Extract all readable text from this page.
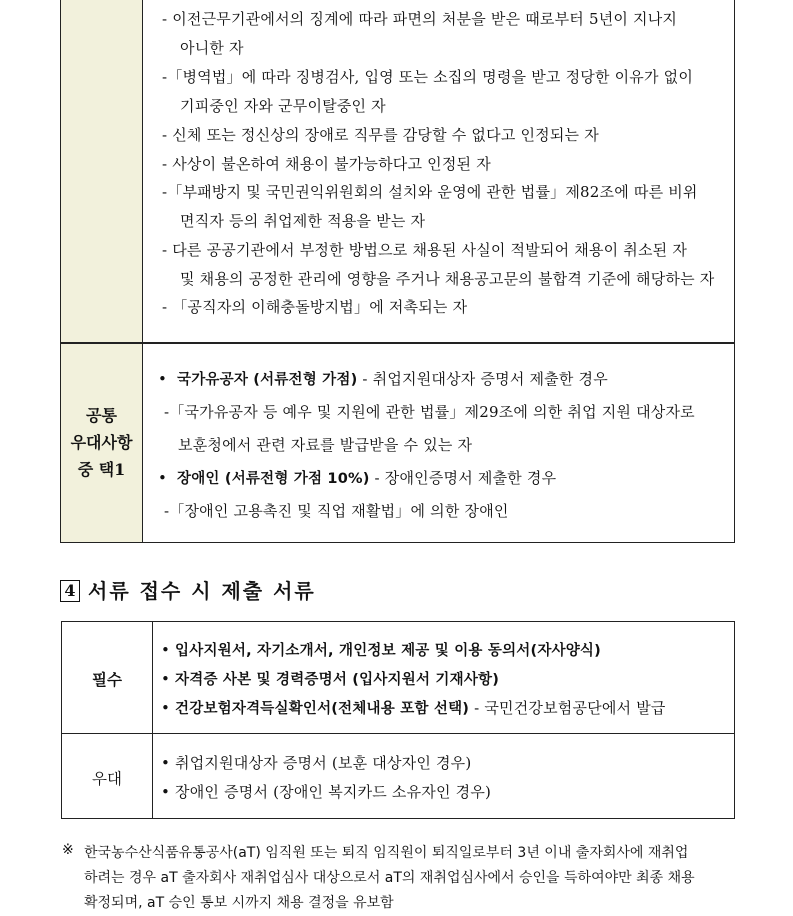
- 이전근무기관에서의 징계에 따라 파면의 처분을 받은 때로부터 5년이 지나지
아니한 자
-「병역법」에 따라 징병검사, 입영 또는 소집의 명령을 받고 정당한 이유가 없이
기피중인 자와 군무이탈중인 자
- 신체 또는 정신상의 장애로 직무를 감당할 수 없다고 인정되는 자
- 사상이 불온하여 채용이 불가능하다고 인정된 자
-「부패방지 및 국민권익위원회의 설치와 운영에 관한 법률」제82조에 따른 비위
면직자 등의 취업제한 적용을 받는 자
- 다른 공공기관에서 부정한 방법으로 채용된 사실이 적발되어 채용이 취소된 자
및 채용의 공정한 관리에 영향을 주거나 채용공고문의 불합격 기준에 해당하는 자
- 「공직자의 이해충돌방지법」에 저촉되는 자
공통
우대사항
중 택1
• 국가유공자 (서류전형 가점) - 취업지원대상자 증명서 제출한 경우
-「국가유공자 등 예우 및 지원에 관한 법률」제29조에 의한 취업 지원 대상자로
보훈청에서 관련 자료를 발급받을 수 있는 자
• 장애인 (서류전형 가점 10%) - 장애인증명서 제출한 경우
-「장애인 고용촉진 및 직업 재활법」에 의한 장애인
4 서류 접수 시 제출 서류
필수
• 입사지원서, 자기소개서, 개인정보 제공 및 이용 동의서(자사양식)
• 자격증 사본 및 경력증명서 (입사지원서 기재사항)
• 건강보험자격득실확인서(전체내용 포함 선택) - 국민건강보험공단에서 발급
우대
• 취업지원대상자 증명서 (보훈 대상자인 경우)
• 장애인 증명서 (장애인 복지카드 소유자인 경우)
※ 한국농수산식품유통공사(aT) 임직원 또는 퇴직 임직원이 퇴직일로부터 3년 이내 출자회사에 재취업
하려는 경우 aT 출자회사 재취업심사 대상으로서 aT의 재취업심사에서 승인을 득하여야만 최종 채용
확정되며, aT 승인 통보 시까지 채용 결정을 유보함
